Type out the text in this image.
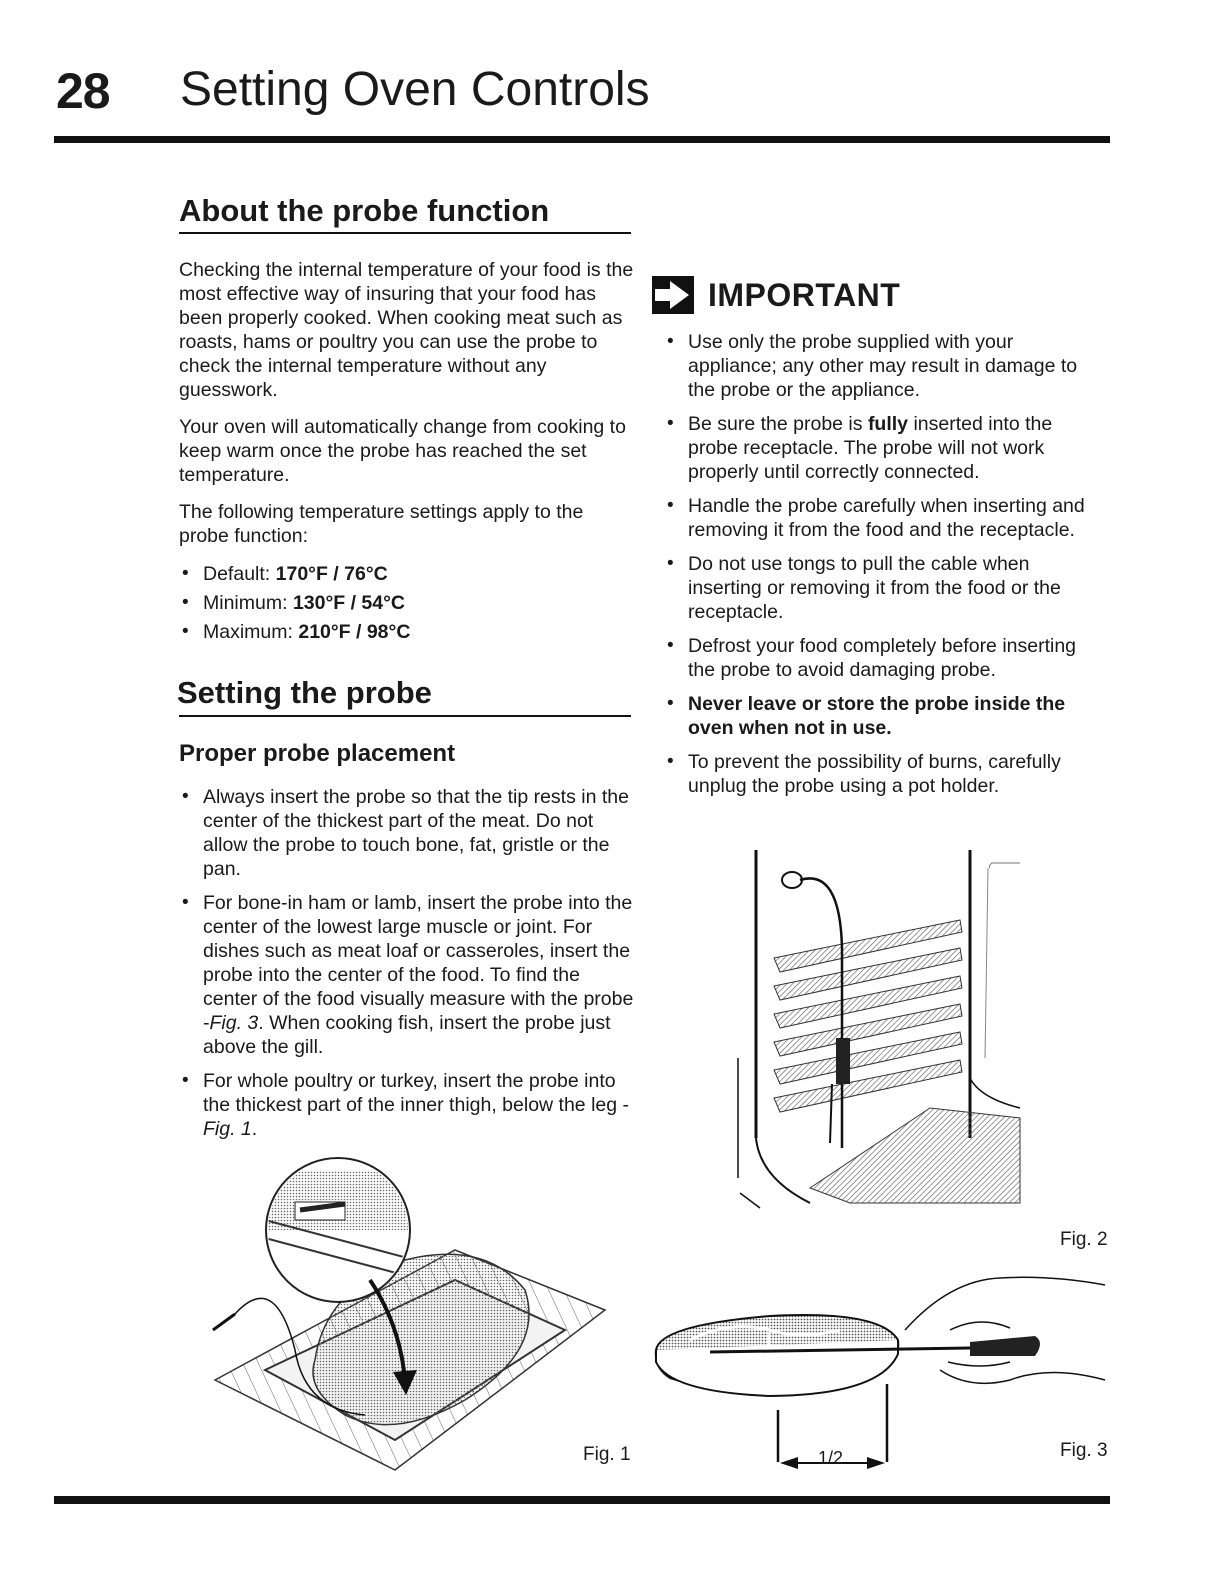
28 Setting Oven Controls
About the probe function

Checking the internal temperature of your food is the most effective way of insuring that your food has been properly cooked. When cooking meat such as roasts, hams or poultry you can use the probe to check the internal temperature without any guesswork.

Your oven will automatically change from cooking to keep warm once the probe has reached the set temperature.

The following temperature settings apply to the probe function:

• Default: 170°F / 76°C
• Minimum: 130°F / 54°C
• Maximum: 210°F / 98°C
Setting the probe
Proper probe placement
• Always insert the probe so that the tip rests in the center of the thickest part of the meat. Do not allow the probe to touch bone, fat, gristle or the pan.
• For bone-in ham or lamb, insert the probe into the center of the lowest large muscle or joint. For dishes such as meat loaf or casseroles, insert the probe into the center of the food. To find the center of the food visually measure with the probe -Fig. 3. When cooking fish, insert the probe just above the gill.
• For whole poultry or turkey, insert the probe into the thickest part of the inner thigh, below the leg -Fig. 1.
IMPORTANT
• Use only the probe supplied with your appliance; any other may result in damage to the probe or the appliance.
• Be sure the probe is fully inserted into the probe receptacle. The probe will not work properly until correctly connected.
• Handle the probe carefully when inserting and removing it from the food and the receptacle.
• Do not use tongs to pull the cable when inserting or removing it from the food or the receptacle.
• Defrost your food completely before inserting the probe to avoid damaging probe.
• Never leave or store the probe inside the oven when not in use.
• To prevent the possibility of burns, carefully unplug the probe using a pot holder.
Fig. 2
Fig. 1	1/2	Fig. 3
